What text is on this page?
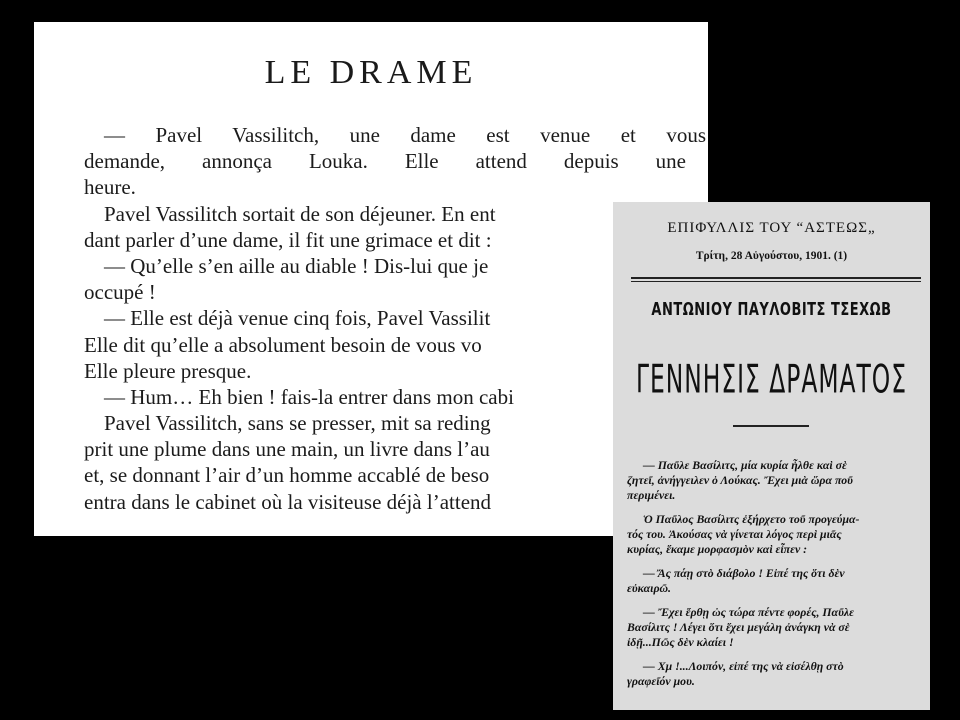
LE DRAME
— Pavel Vassilitch, une dame est venue et vous
demande, annonça Louka. Elle attend depuis une
heure.
Pavel Vassilitch sortait de son déjeuner. En ent
dant parler d’une dame, il fit une grimace et dit :
— Qu’elle s’en aille au diable ! Dis-lui que je
occupé !
— Elle est déjà venue cinq fois, Pavel Vassilit
Elle dit qu’elle a absolument besoin de vous vo
Elle pleure presque.
— Hum… Eh bien ! fais-la entrer dans mon cabi
Pavel Vassilitch, sans se presser, mit sa reding
prit une plume dans une main, un livre dans l’au
et, se donnant l’air d’un homme accablé de beso
entra dans le cabinet où la visiteuse déjà l’attend
ΕΠΙΦΥΛΛΙΣ ΤΟΥ “ΑΣΤΕΩΣ„
Τρίτη, 28 Αὐγούστου, 1901. (1)
ΑΝΤΩΝΙΟΥ ΠΑΥΛΟΒΙΤΣ ΤΣΕΧΩΒ
ΓΕΝΝΗΣΙΣ ΔΡΑΜΑΤΟΣ
— Παῦλε Βασίλιτς, μία κυρία ἦλθε καὶ σὲ
ζητεῖ, ἀνήγγειλεν ὁ Λούκας. Ἔχει μιὰ ὥρα ποῦ
περιμένει.
Ὁ Παῦλος Βασίλιτς ἐξήρχετο τοῦ προγεύμα-
τός του. Ἀκούσας νὰ γίνεται λόγος περὶ μιᾶς
κυρίας, ἔκαμε μορφασμὸν καὶ εἶπεν :
— Ἄς πάῃ στὸ διάβολο ! Εἰπέ της ὅτι δὲν
εὐκαιρῶ.
— Ἔχει ἔρθῃ ὡς τώρα πέντε φορές, Παῦλε
Βασίλιτς ! Λέγει ὅτι ἔχει μεγάλη ἀνάγκη νὰ σὲ
ἰδῇ...Πῶς δὲν κλαίει !
— Χμ !...Λοιπόν, εἰπέ της νὰ εἰσέλθῃ στὸ
γραφεῖόν μου.
